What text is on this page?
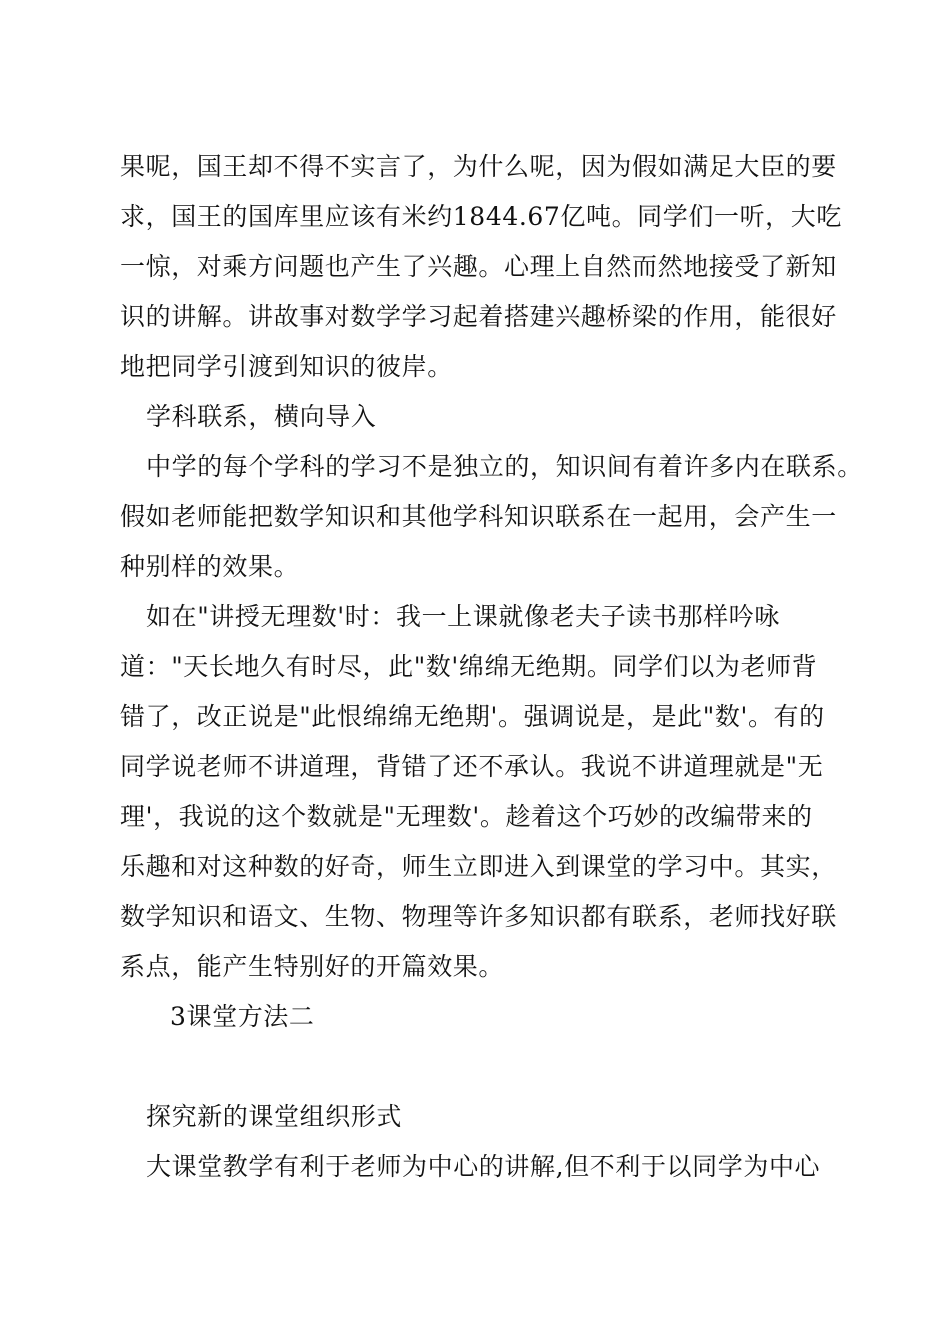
果呢，国王却不得不实言了，为什么呢，因为假如满足大臣的要
求，国王的国库里应该有米约1844.67亿吨。同学们一听，大吃
一惊，对乘方问题也产生了兴趣。心理上自然而然地接受了新知
识的讲解。讲故事对数学学习起着搭建兴趣桥梁的作用，能很好
地把同学引渡到知识的彼岸。
学科联系，横向导入
中学的每个学科的学习不是独立的，知识间有着许多内在联系。
假如老师能把数学知识和其他学科知识联系在一起用，会产生一
种别样的效果。
如在"讲授无理数'时：我一上课就像老夫子读书那样吟咏
道："天长地久有时尽，此"数'绵绵无绝期。同学们以为老师背
错了，改正说是"此恨绵绵无绝期'。强调说是，是此"数'。有的
同学说老师不讲道理，背错了还不承认。我说不讲道理就是"无
理'，我说的这个数就是"无理数'。趁着这个巧妙的改编带来的
乐趣和对这种数的好奇，师生立即进入到课堂的学习中。其实，
数学知识和语文、生物、物理等许多知识都有联系，老师找好联
系点，能产生特别好的开篇效果。
3课堂方法二
探究新的课堂组织形式
大课堂教学有利于老师为中心的讲解,但不利于以同学为中心
